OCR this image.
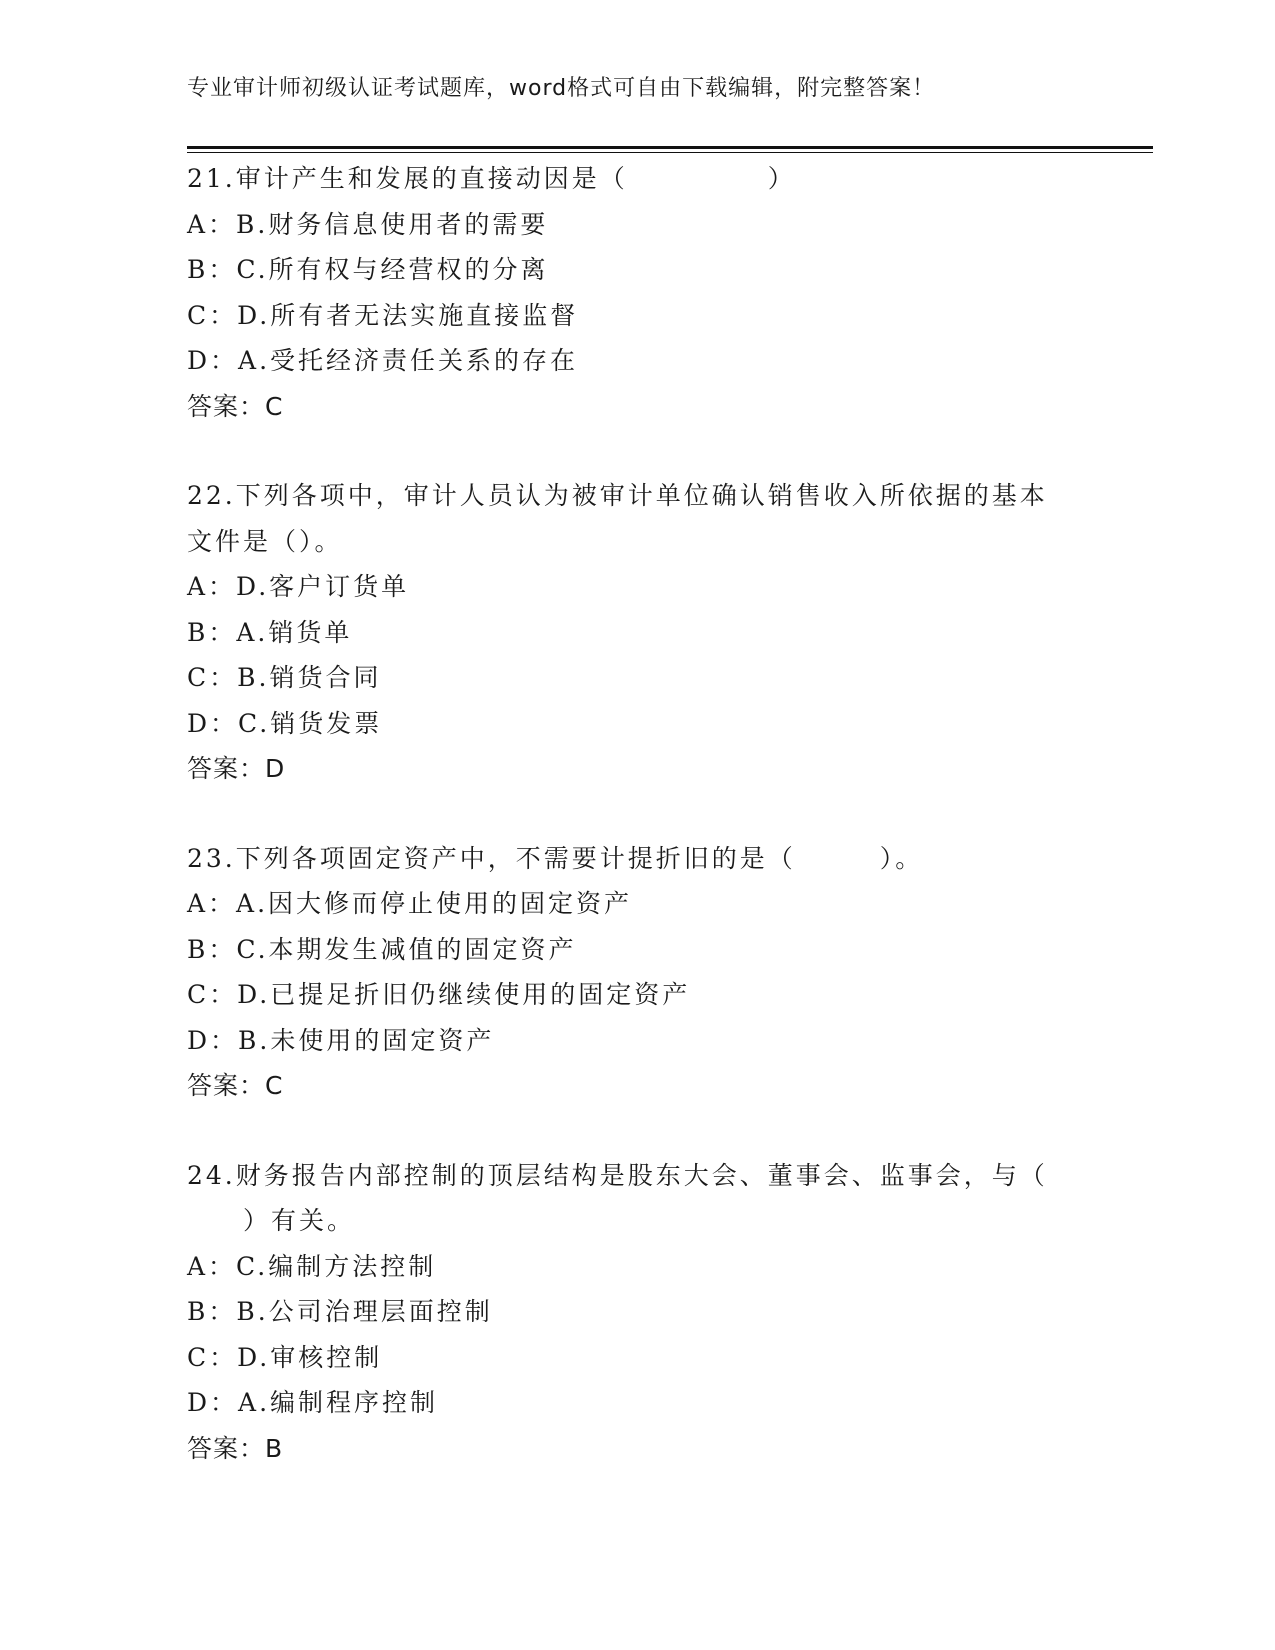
专业审计师初级认证考试题库，word格式可自由下载编辑，附完整答案！
21.审计产生和发展的直接动因是（　　　　　）
A：B.财务信息使用者的需要
B：C.所有权与经营权的分离
C：D.所有者无法实施直接监督
D：A.受托经济责任关系的存在
答案：C
22.下列各项中，审计人员认为被审计单位确认销售收入所依据的基本
文件是（）。
A：D.客户订货单
B：A.销货单
C：B.销货合同
D：C.销货发票
答案：D
23.下列各项固定资产中，不需要计提折旧的是（　　　）。
A：A.因大修而停止使用的固定资产
B：C.本期发生减值的固定资产
C：D.已提足折旧仍继续使用的固定资产
D：B.未使用的固定资产
答案：C
24.财务报告内部控制的顶层结构是股东大会、董事会、监事会，与（
　　）有关。
A：C.编制方法控制
B：B.公司治理层面控制
C：D.审核控制
D：A.编制程序控制
答案：B
